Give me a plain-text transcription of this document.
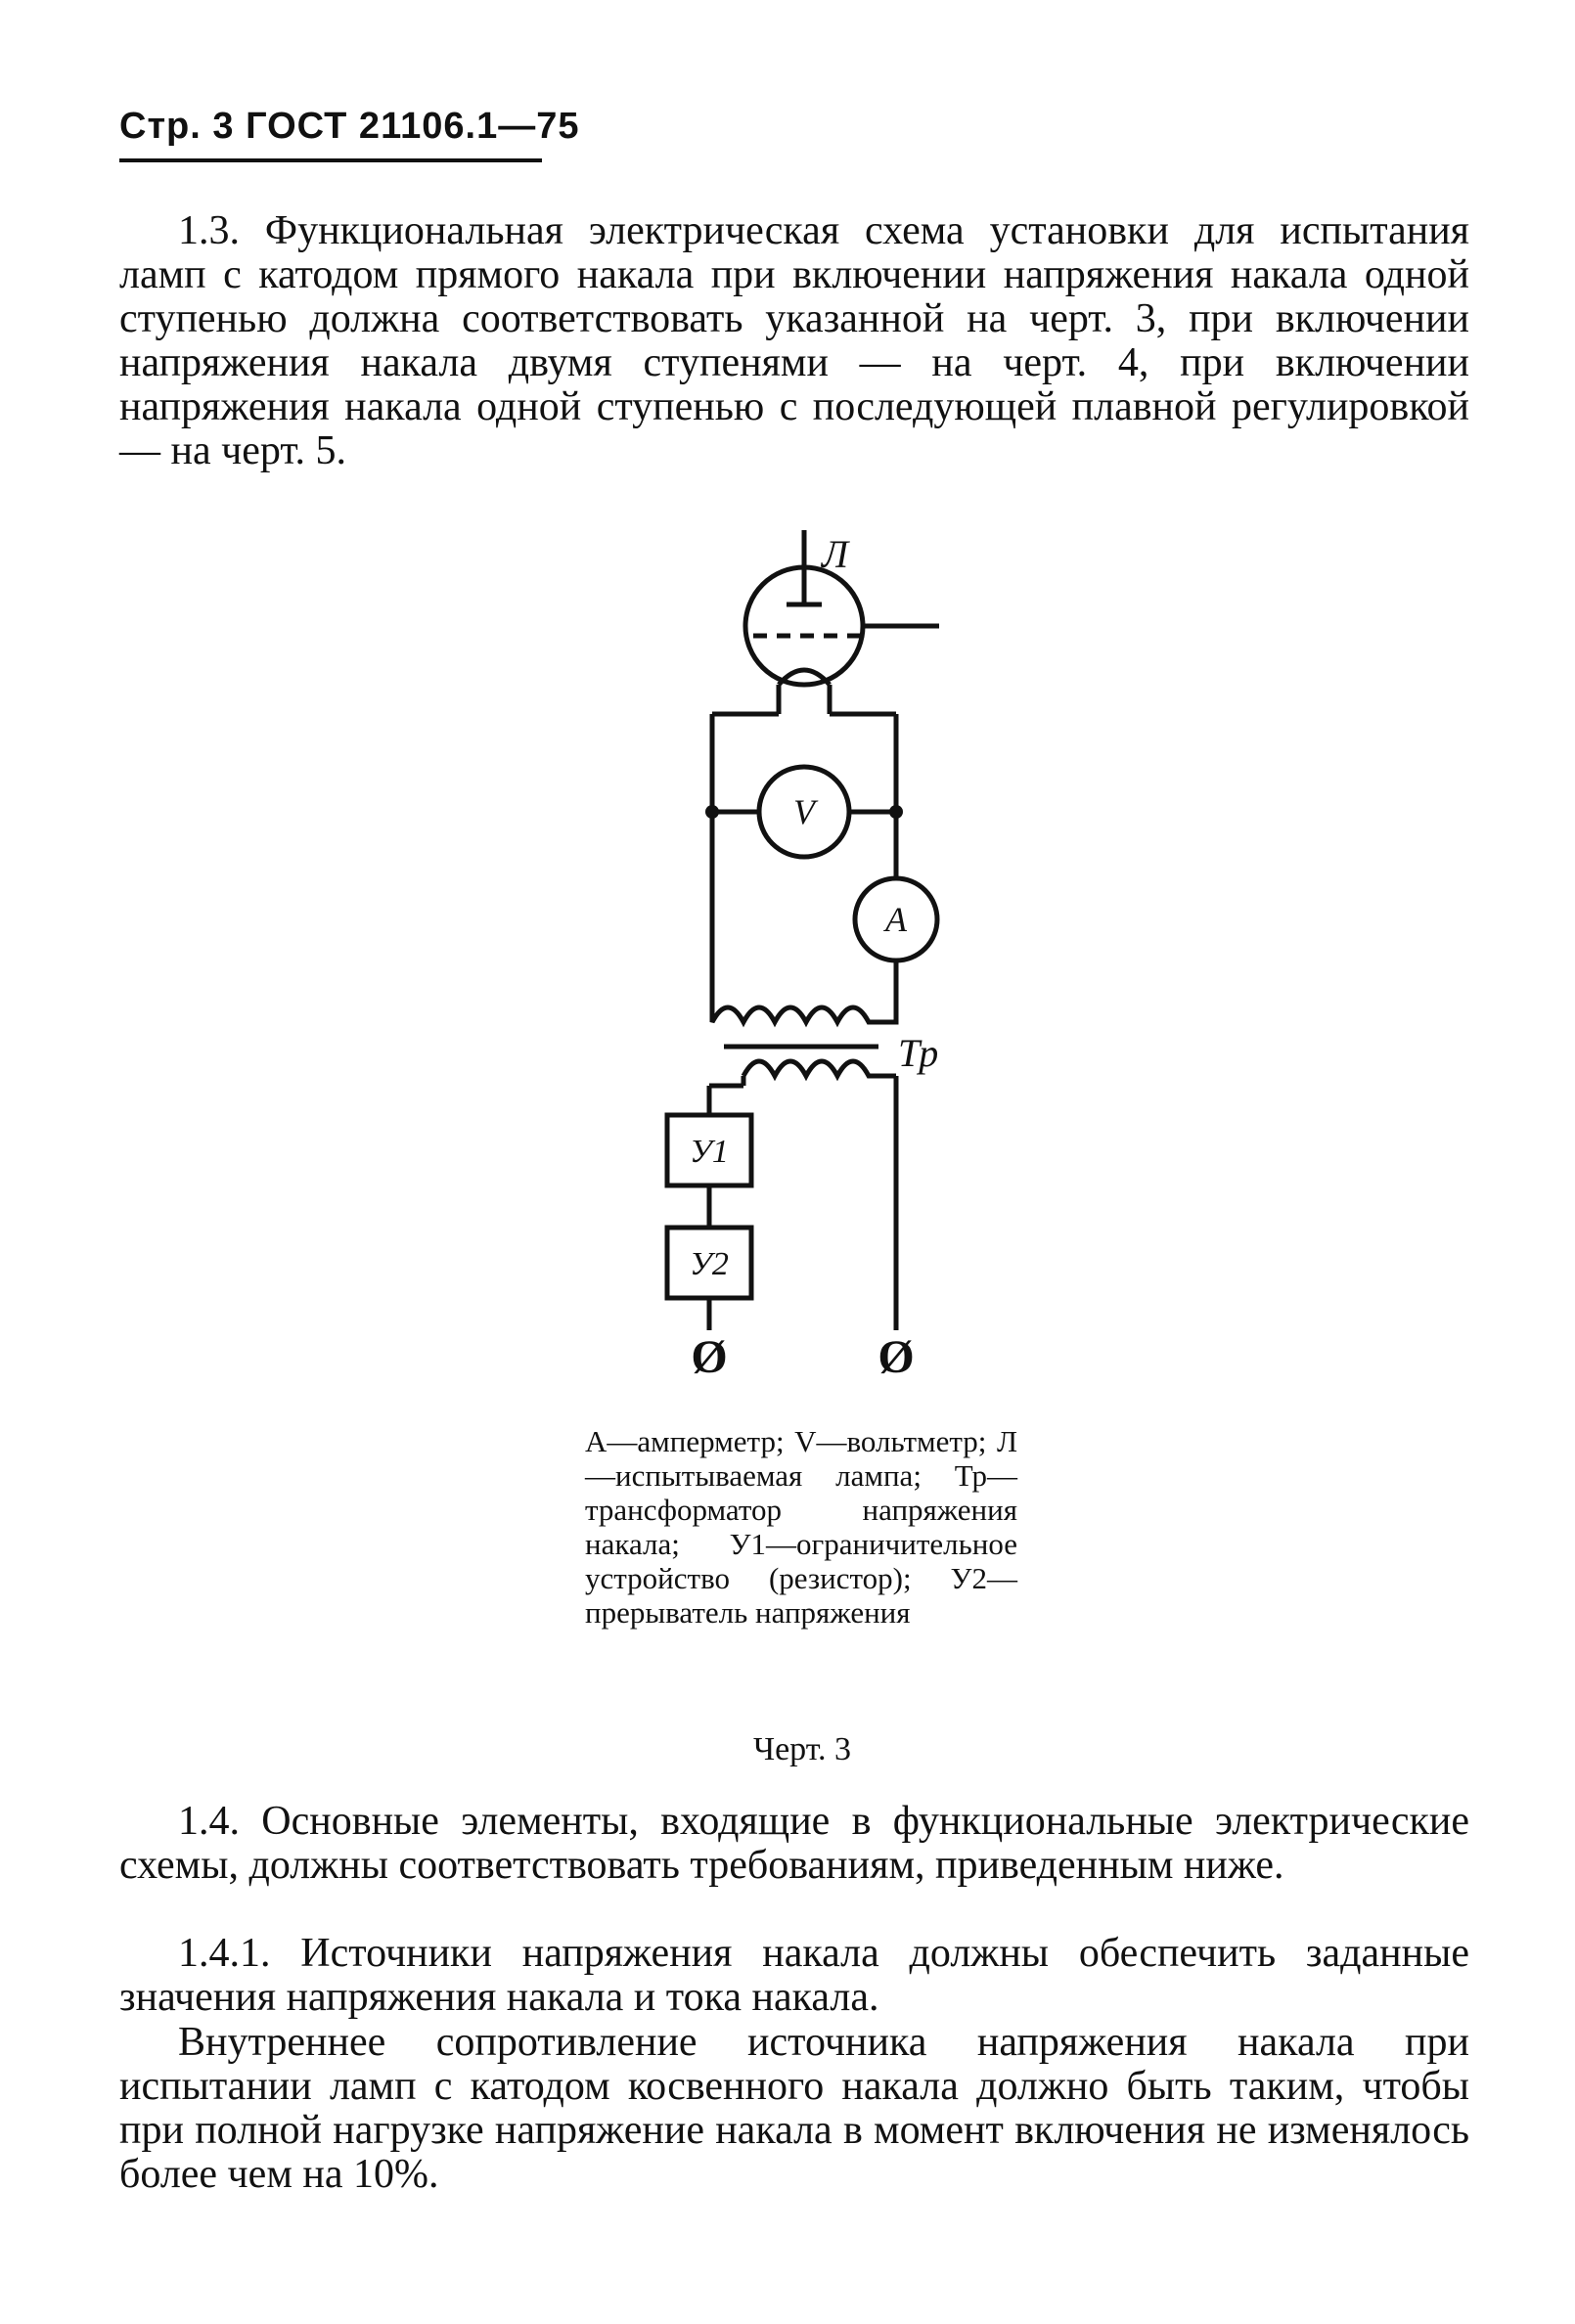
Стр. 3 ГОСТ 21106.1—75

1.3. Функциональная электрическая схема установки для испытания ламп с катодом прямого накала при включении напряжения накала одной ступенью должна соответствовать указанной на черт. 3, при включении напряжения накала двумя ступенями — на черт. 4, при включении напряжения накала одной ступенью с последующей плавной регулировкой — на черт. 5.

Л
V
A
Тр
У1
У2
Ø	Ø

A—амперметр; V—вольтметр; Л—испытываемая лампа; Тр—трансформатор напряжения накала; У1—ограничительное устройство (резистор); У2—прерыватель напряжения

Черт. 3

1.4. Основные элементы, входящие в функциональные электрические схемы, должны соответствовать требованиям, приведенным ниже.

1.4.1. Источники напряжения накала должны обеспечить заданные значения напряжения накала и тока накала.

Внутреннее сопротивление источника напряжения накала при испытании ламп с катодом косвенного накала должно быть таким, чтобы при полной нагрузке напряжение накала в момент включения не изменялось более чем на 10%.
